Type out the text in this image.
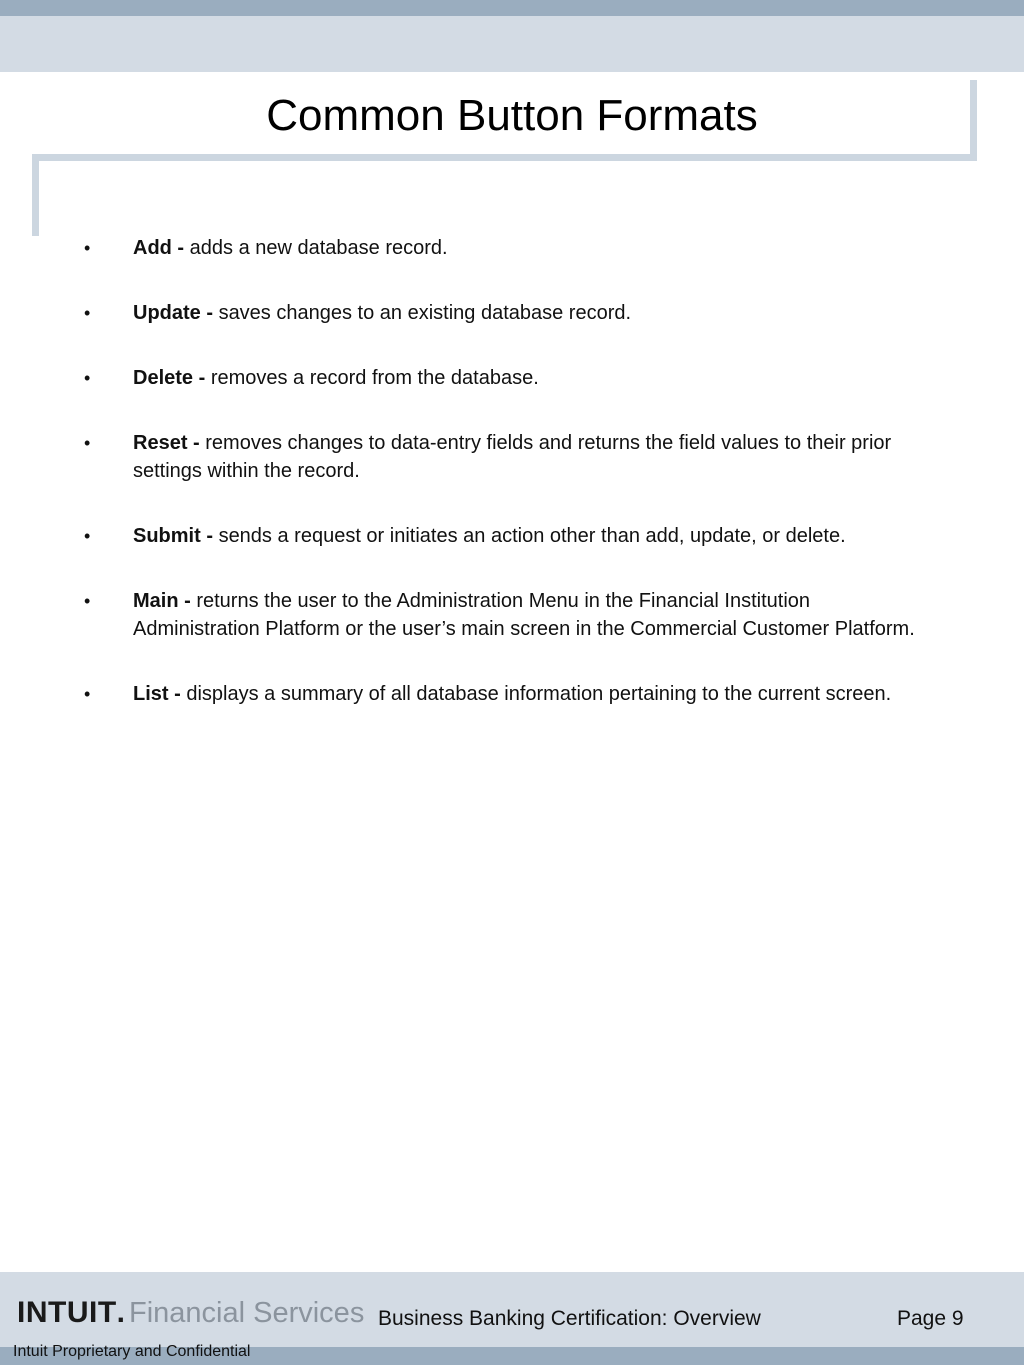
Common Button Formats
• Add - adds a new database record.
• Update - saves changes to an existing database record.
• Delete - removes a record from the database.
• Reset - removes changes to data-entry fields and returns the field values to their prior settings within the record.
• Submit - sends a request or initiates an action other than add, update, or delete.
• Main - returns the user to the Administration Menu in the Financial Institution Administration Platform or the user’s main screen in the Commercial Customer Platform.
• List - displays a summary of all database information pertaining to the current screen.
INTUIT . Financial Services Business Banking Certification: Overview	Page 9
Intuit Proprietary and Confidential
